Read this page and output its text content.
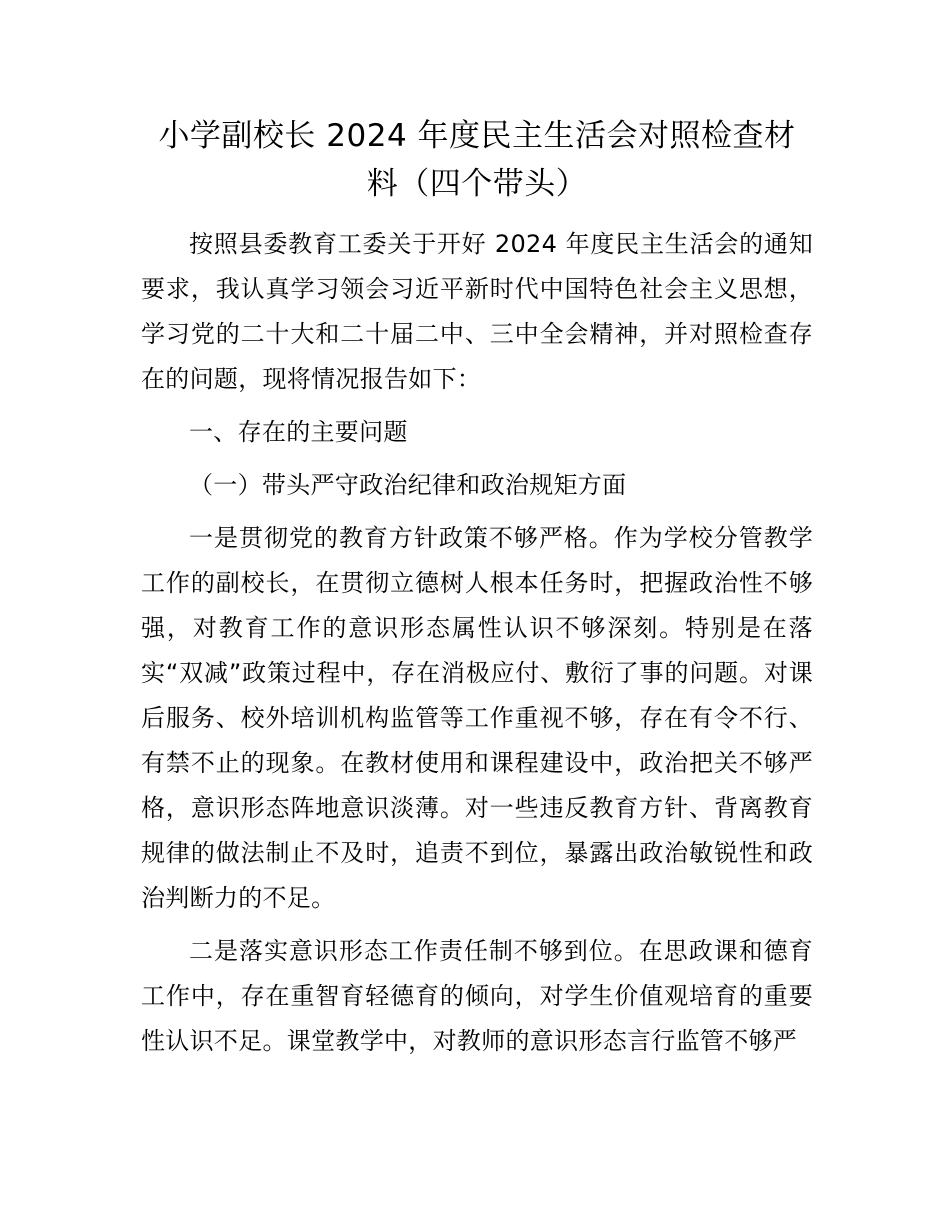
小学副校长 2024 年度民主生活会对照检查材
料（四个带头）

按照县委教育工委关于开好 2024 年度民主生活会的通知要求，我认真学习领会习近平新时代中国特色社会主义思想，学习党的二十大和二十届二中、三中全会精神，并对照检查存在的问题，现将情况报告如下：

一、存在的主要问题

（一）带头严守政治纪律和政治规矩方面

一是贯彻党的教育方针政策不够严格。作为学校分管教学工作的副校长，在贯彻立德树人根本任务时，把握政治性不够强，对教育工作的意识形态属性认识不够深刻。特别是在落实“双减”政策过程中，存在消极应付、敷衍了事的问题。对课后服务、校外培训机构监管等工作重视不够，存在有令不行、有禁不止的现象。在教材使用和课程建设中，政治把关不够严格，意识形态阵地意识淡薄。对一些违反教育方针、背离教育规律的做法制止不及时，追责不到位，暴露出政治敏锐性和政治判断力的不足。

二是落实意识形态工作责任制不够到位。在思政课和德育工作中，存在重智育轻德育的倾向，对学生价值观培育的重要性认识不足。课堂教学中，对教师的意识形态言行监管不够严
